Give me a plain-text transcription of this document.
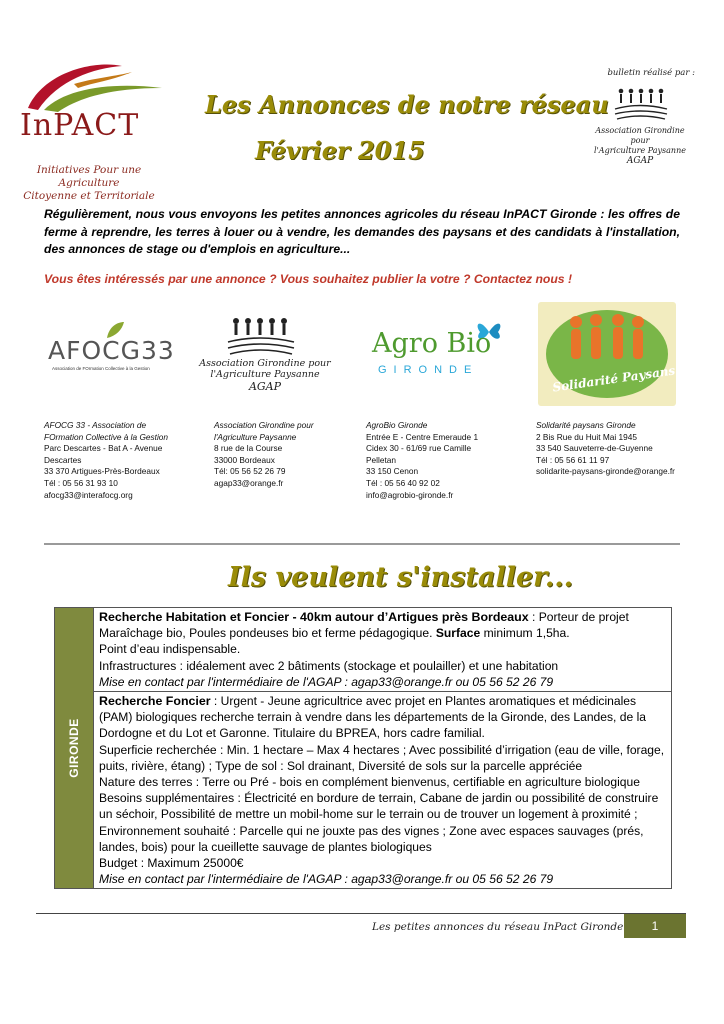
InPACT
Initiatives Pour une Agriculture
Citoyenne et Territoriale
Les Annonces de notre réseau
Février 2015
bulletin réalisé par :
Association Girondine pour
l'Agriculture Paysanne
AGAP
Régulièrement, nous vous envoyons les petites annonces agricoles du réseau InPACT Gironde : les offres de ferme à reprendre, les terres à louer ou à vendre, les demandes des paysans et des candidats à l'installation, des annonces de stage ou d'emplois en agriculture...
Vous êtes intéressés par une annonce ? Vous souhaitez publier la votre ? Contactez nous !
AFOCG33
Association de FOrmation Collective à la Gestion	Association Girondine pour
l'Agriculture Paysanne
AGAP
Agro Bio
GIRONDE	Solidarité Paysans
AFOCG 33 - Association de
FOrmation Collective à la Gestion
Parc Descartes - Bat A - Avenue
Descartes
33 370 Artigues-Près-Bordeaux
Tél : 05 56 31 93 10
afocg33@interafocg.org
Association Girondine pour
l'Agriculture Paysanne
8 rue de la Course
33000 Bordeaux
Tél: 05 56 52 26 79
agap33@orange.fr
AgroBio Gironde
Entrée E - Centre Emeraude 1
Cidex 30 - 61/69 rue Camille
Pelletan
33 150 Cenon
Tél : 05 56 40 92 02
info@agrobio-gironde.fr
Solidarité paysans Gironde
2 Bis Rue du Huit Mai 1945
33 540 Sauveterre-de-Guyenne
Tél : 05 56 61 11 97
solidarite-paysans-gironde@orange.fr
Ils veulent s'installer...
GIRONDE
	Recherche Habitation et Foncier - 40km autour d’Artigues près Bordeaux : Porteur de projet Maraîchage bio, Poules pondeuses bio et ferme pédagogique. Surface minimum 1,5ha.
Point d’eau indispensable.
Infrastructures : idéalement avec 2 bâtiments (stockage et poulailler) et une habitation
Mise en contact par l'intermédiaire de l'AGAP : agap33@orange.fr ou 05 56 52 26 79

Recherche Foncier : Urgent - Jeune agricultrice avec projet en Plantes aromatiques et médicinales (PAM) biologiques recherche terrain à vendre dans les départements de la Gironde, des Landes, de la Dordogne et du Lot et Garonne. Titulaire du BPREA, hors cadre familial.
Superficie recherchée : Min. 1 hectare – Max 4 hectares ; Avec possibilité d’irrigation (eau de ville, forage, puits, rivière, étang) ; Type de sol : Sol drainant, Diversité de sols sur la parcelle appréciée
Nature des terres : Terre ou Pré - bois en complément bienvenus, certifiable en agriculture biologique
Besoins supplémentaires : Électricité en bordure de terrain, Cabane de jardin ou possibilité de construire un séchoir, Possibilité de mettre un mobil-home sur le terrain ou de trouver un logement à proximité ; Environnement souhaité : Parcelle qui ne jouxte pas des vignes ; Zone avec espaces sauvages (prés, landes, bois) pour la cueillette sauvage de plantes biologiques
Budget : Maximum 25000€
Mise en contact par l'intermédiaire de l'AGAP : agap33@orange.fr ou 05 56 52 26 79
Les petites annonces du réseau InPact Gironde	1
